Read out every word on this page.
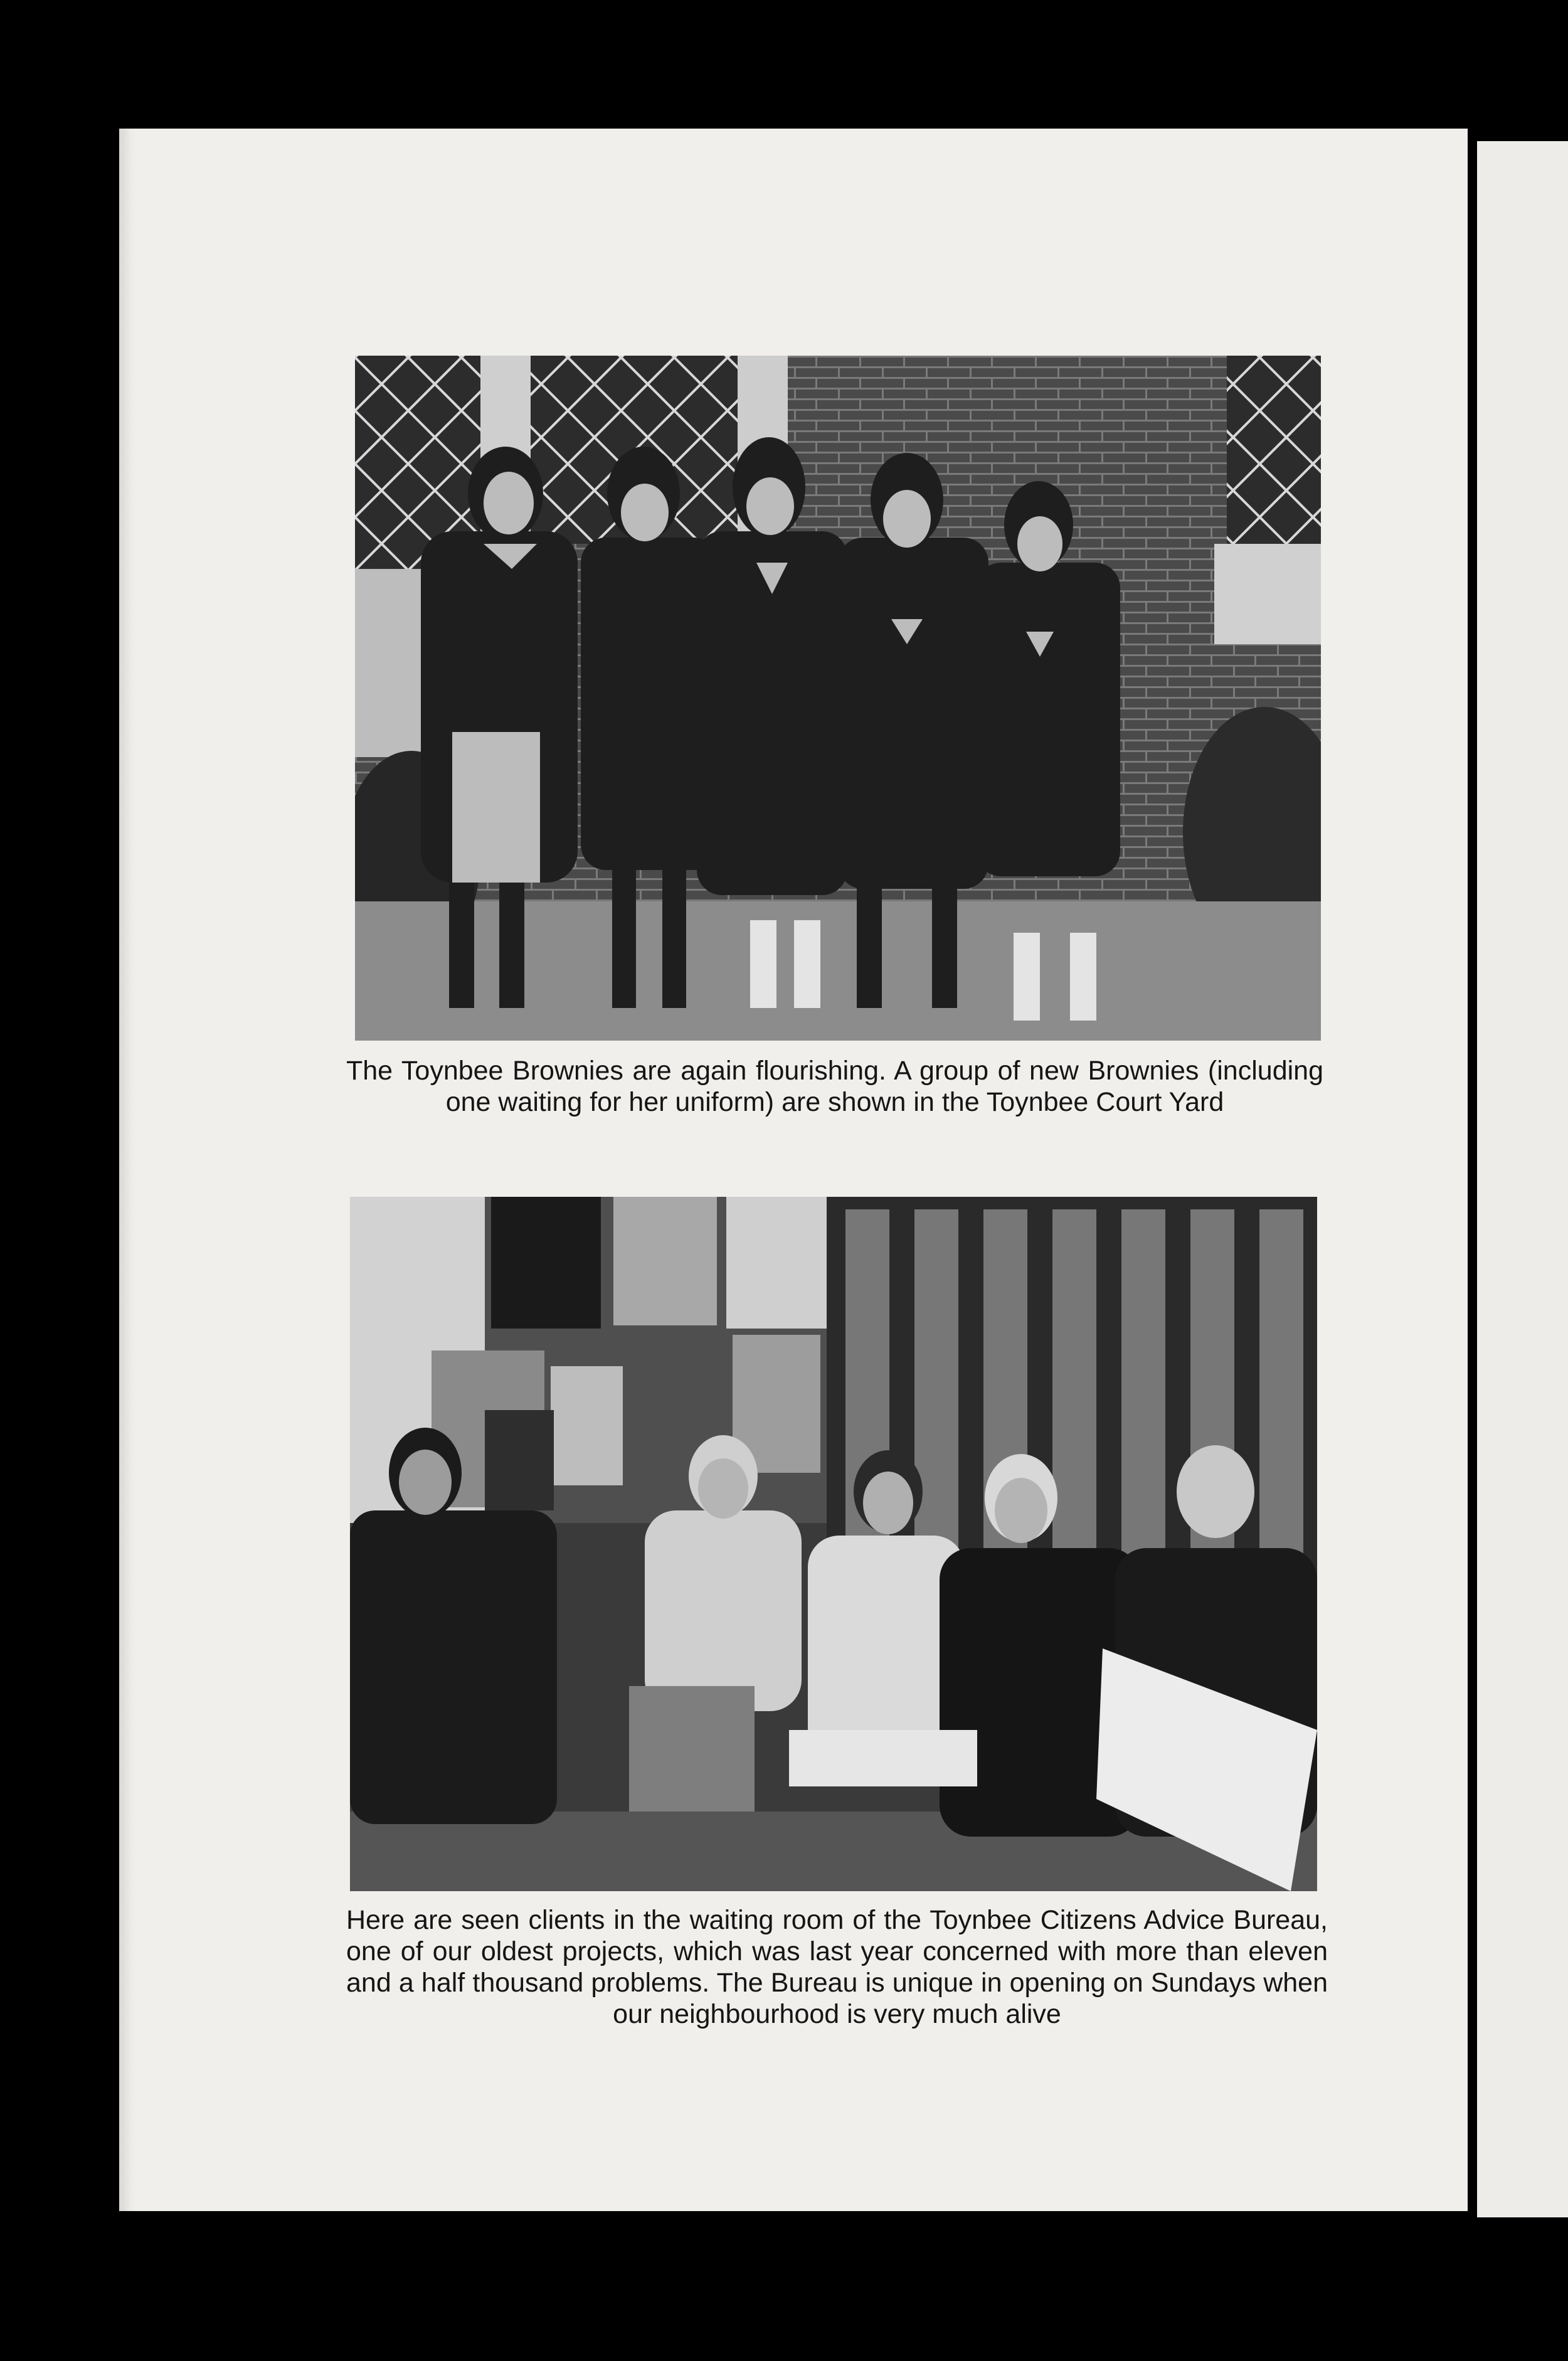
The Toynbee Brownies are again flourishing. A group of new Brownies (including one waiting for her uniform) are shown in the Toynbee Court Yard

Here are seen clients in the waiting room of the Toynbee Citizens Advice Bureau, one of our oldest projects, which was last year concerned with more than eleven and a half thousand problems. The Bureau is unique in opening on Sundays when our neighbourhood is very much alive
